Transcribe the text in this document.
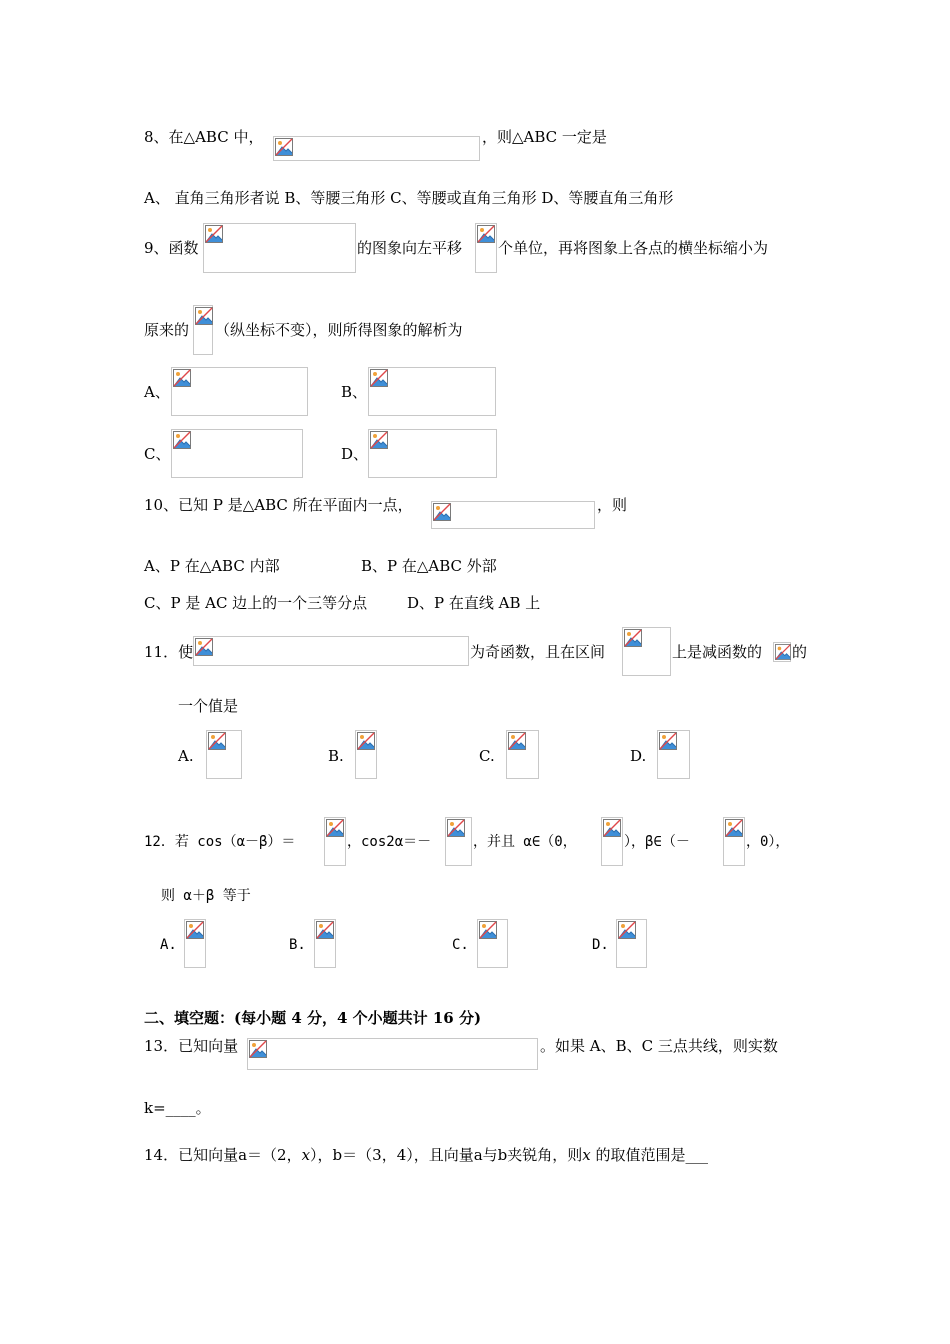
8、在△ABC 中，	，则△ABC 一定是
A、 直角三角形者说 B、等腰三角形 C、等腰或直角三角形 D、等腰直角三角形
9、函数	的图象向左平移 个单位，再将图象上各点的横坐标缩小为
原来的 （纵坐标不变），则所得图象的解析为
A、	B、
C、	D、
10、已知 P 是△ABC 所在平面内一点，	，则
A、P 在△ABC 内部	B、P 在△ABC 外部
C、P 是 AC 边上的一个三等分点	D、P 在直线 AB 上
11．使	为奇函数，且在区间	上是减函数的 的
一个值是
A.	B.	C.	D.
12．若 cos（α－β）＝	，cos2α＝－	，并且 α∈（0，	），β∈（－	，0），
则 α＋β 等于
A.	B.	C.	D.
二、填空题：(每小题 4 分，4 个小题共计 16 分)
13．已知向量	。如果 A、B、C 三点共线，则实数
k=____。
14．已知向量a＝（2，x），b＝（3，4），且向量a与b夹锐角，则x 的取值范围是___
